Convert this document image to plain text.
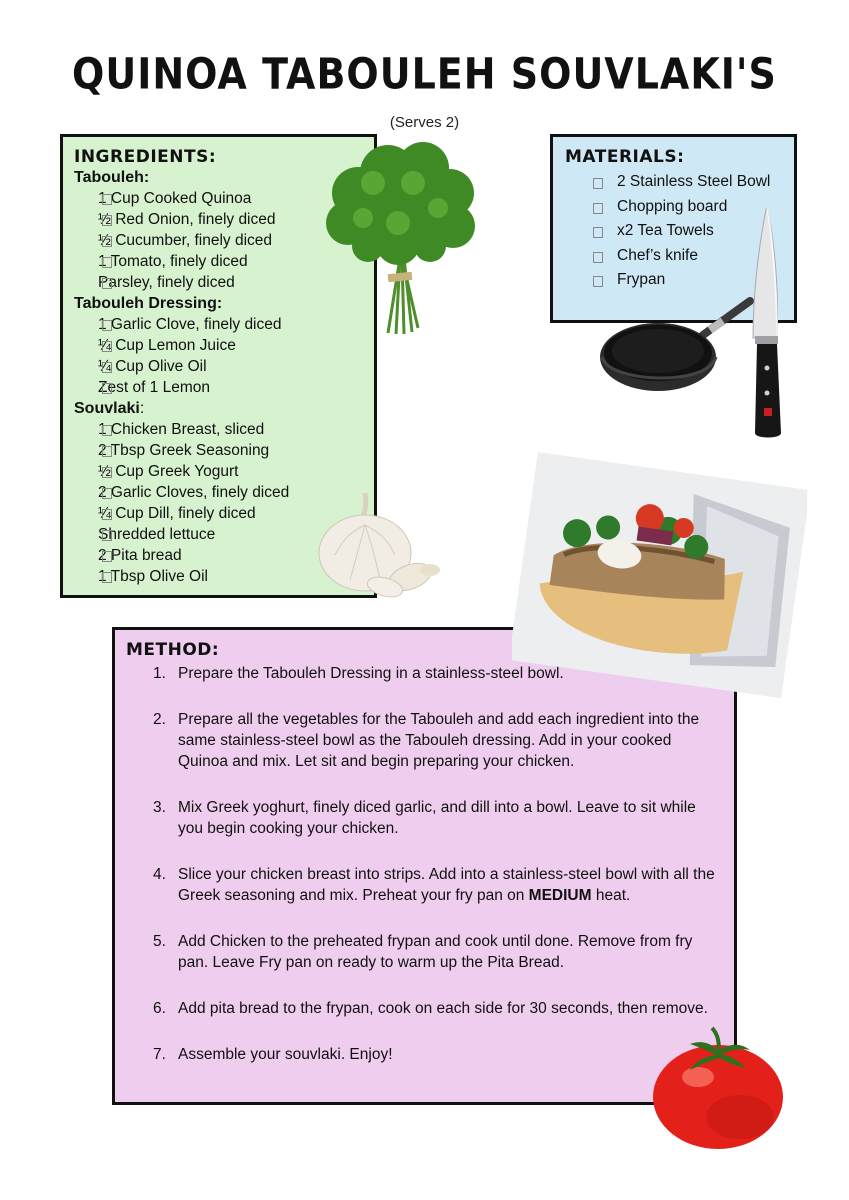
QUINOA TABOULEH SOUVLAKI'S
(Serves 2)

INGREDIENTS:

Tabouleh:

1 Cup Cooked Quinoa
½ Red Onion, finely diced
½ Cucumber, finely diced
1 Tomato, finely diced
Parsley, finely diced

Tabouleh Dressing:

1 Garlic Clove, finely diced
¼ Cup Lemon Juice
¼ Cup Olive Oil
Zest of 1 Lemon

Souvlaki:

1 Chicken Breast, sliced
2 Tbsp Greek Seasoning
½ Cup Greek Yogurt
2 Garlic Cloves, finely diced
¼ Cup Dill, finely diced
Shredded lettuce
2 Pita bread
1 Tbsp Olive Oil

MATERIALS:

2 Stainless Steel Bowl
Chopping board
x2 Tea Towels
Chef’s knife
Frypan

METHOD:

1. Prepare the Tabouleh Dressing in a stainless-steel bowl.
2. Prepare all the vegetables for the Tabouleh and add each ingredient into the same stainless-steel bowl as the Tabouleh dressing. Add in your cooked Quinoa and mix. Let sit and begin preparing your chicken.
3. Mix Greek yoghurt, finely diced garlic, and dill into a bowl. Leave to sit while you begin cooking your chicken.
4. Slice your chicken breast into strips. Add into a stainless-steel bowl with all the Greek seasoning and mix. Preheat your fry pan on MEDIUM heat.
5. Add Chicken to the preheated frypan and cook until done. Remove from fry pan. Leave Fry pan on ready to warm up the Pita Bread.
6. Add pita bread to the frypan, cook on each side for 30 seconds, then remove.
7. Assemble your souvlaki. Enjoy!
